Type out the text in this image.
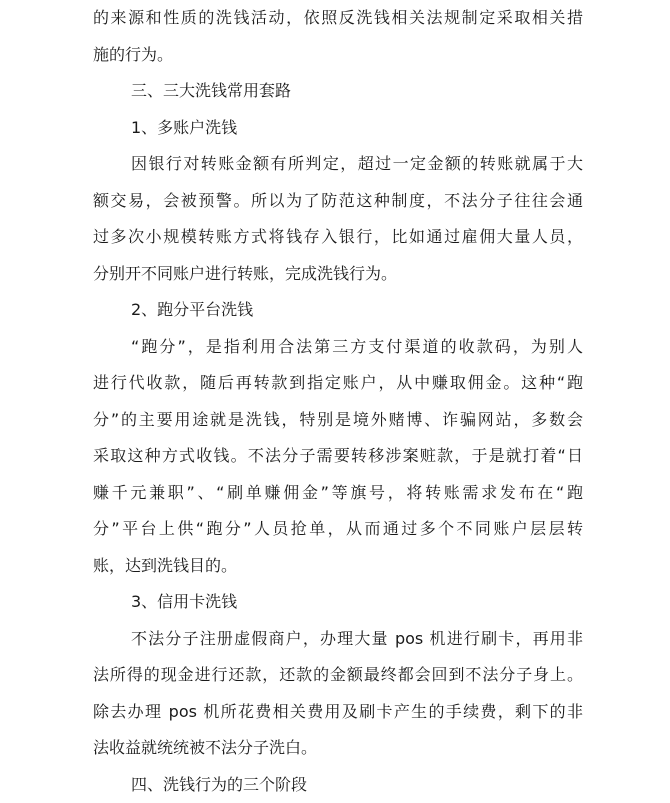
的来源和性质的洗钱活动，依照反洗钱相关法规制定采取相关措
施的行为。
三、三大洗钱常用套路
1、多账户洗钱
因银行对转账金额有所判定，超过一定金额的转账就属于大
额交易，会被预警。所以为了防范这种制度，不法分子往往会通
过多次小规模转账方式将钱存入银行，比如通过雇佣大量人员，
分别开不同账户进行转账，完成洗钱行为。
2、跑分平台洗钱
“跑分”，是指利用合法第三方支付渠道的收款码，为别人
进行代收款，随后再转款到指定账户，从中赚取佣金。这种“跑
分”的主要用途就是洗钱，特别是境外赌博、诈骗网站，多数会
采取这种方式收钱。不法分子需要转移涉案赃款，于是就打着“日
赚千元兼职”、“刷单赚佣金”等旗号，将转账需求发布在“跑
分”平台上供“跑分”人员抢单，从而通过多个不同账户层层转
账，达到洗钱目的。
3、信用卡洗钱
不法分子注册虚假商户，办理大量 pos 机进行刷卡，再用非
法所得的现金进行还款，还款的金额最终都会回到不法分子身上。
除去办理 pos 机所花费相关费用及刷卡产生的手续费，剩下的非
法收益就统统被不法分子洗白。
四、洗钱行为的三个阶段
